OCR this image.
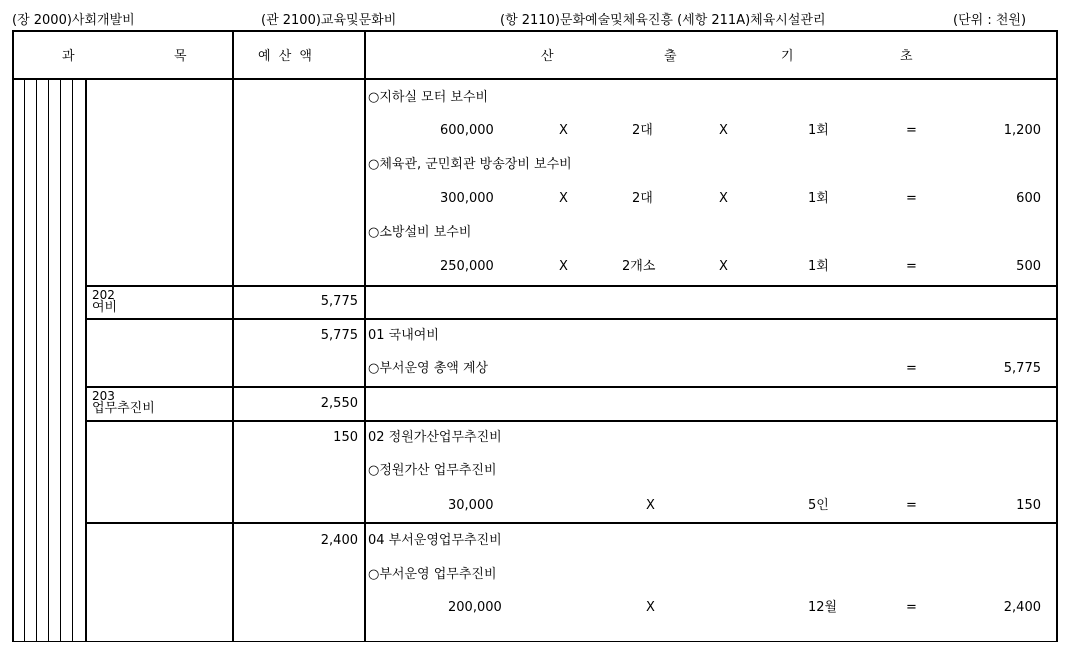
(장 2000)사회개발비	(관 2100)교육및문화비	(항 2110)문화예술및체육진흥 (세항 211A)체육시설관리	(단위 : 천원)
과	목	예 산 액	산	출	기	초
○지하실 모터 보수비
600,000	X	2대	X	1회	=	1,200
○체육관, 군민회관 방송장비 보수비
300,000	X	2대	X	1회	=	600
○소방설비 보수비
250,000	X	2개소	X	1회	=	500
202
여비	5,775
5,775 01 국내여비
○부서운영 총액 계상	=	5,775
203
업무추진비	2,550
150 02 정원가산업무추진비
○정원가산 업무추진비
30,000	X	5인	=	150
2,400 04 부서운영업무추진비
○부서운영 업무추진비
200,000	X	12월	=	2,400
